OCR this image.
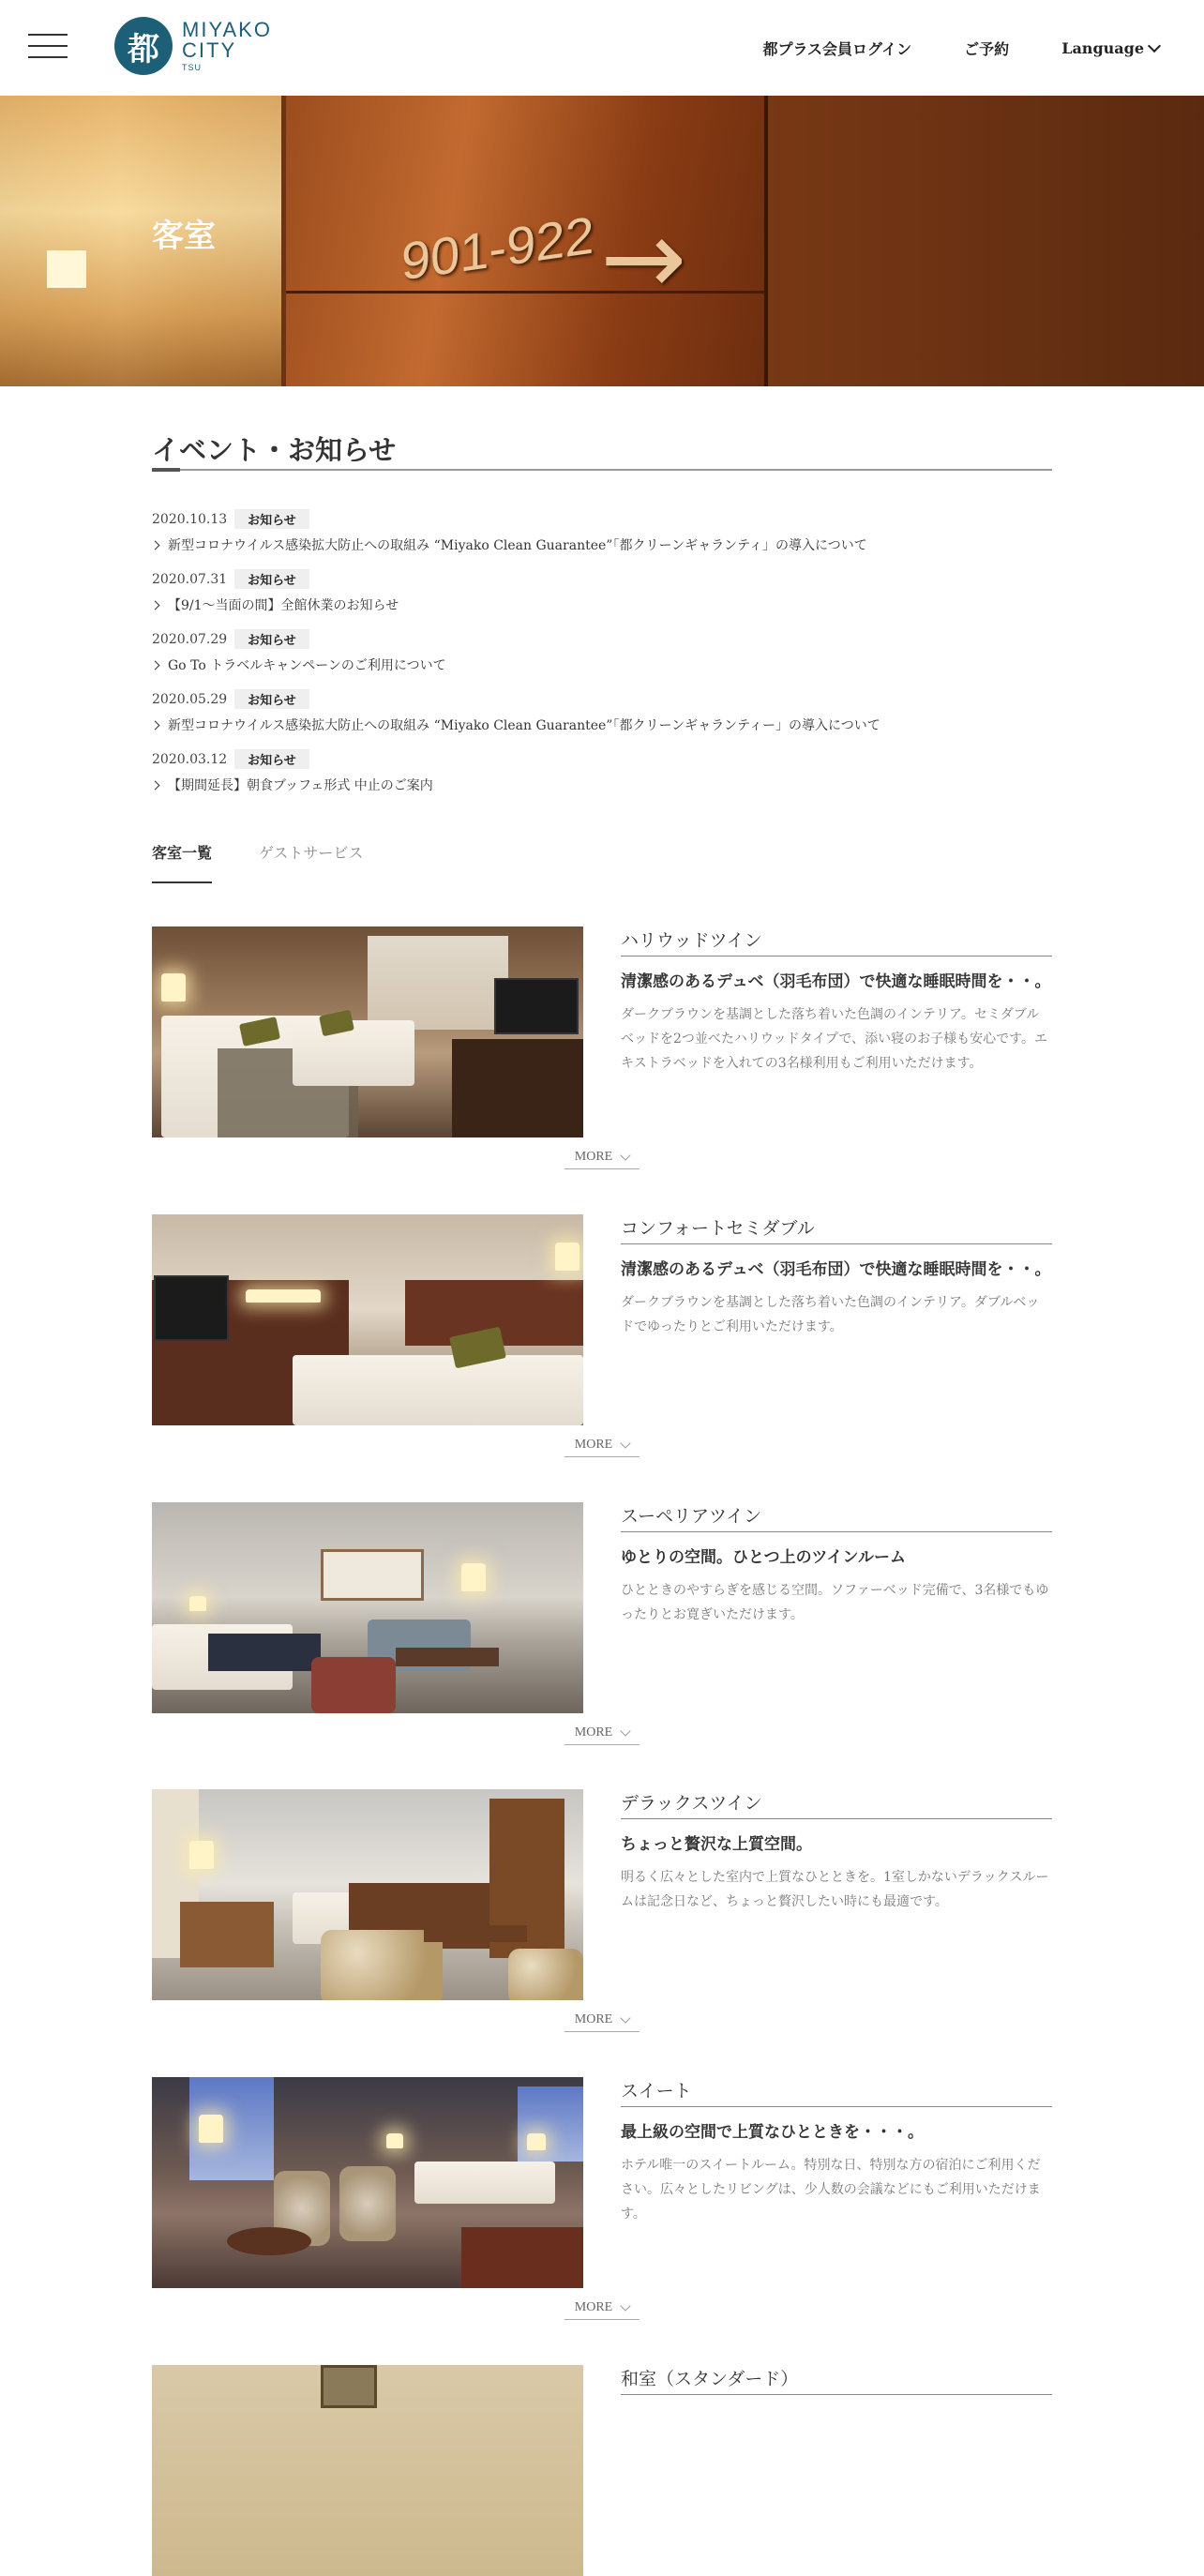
都
MIYAKO
CITY
TSU
都プラス会員ログイン	ご予約	Language
901-922 →
客室
イベント・お知らせ
2020.10.13	お知らせ
新型コロナウイルス感染拡大防止への取組み “Miyako Clean Guarantee”「都クリーンギャランティ」の導入について
2020.07.31	お知らせ
【9/1～当面の間】全館休業のお知らせ
2020.07.29	お知らせ
Go To トラベルキャンペーンのご利用について
2020.05.29	お知らせ
新型コロナウイルス感染拡大防止への取組み “Miyako Clean Guarantee”「都クリーンギャランティー」の導入について
2020.03.12	お知らせ
【期間延長】朝食ブッフェ形式 中止のご案内
客室一覧	ゲストサービス
ハリウッドツイン
清潔感のあるデュベ（羽毛布団）で快適な睡眠時間を・・。
ダークブラウンを基調とした落ち着いた色調のインテリア。セミダブルベッドを2つ並べたハリウッドタイプで、添い寝のお子様も安心です。エキストラベッドを入れての3名様利用もご利用いただけます。
MORE
コンフォートセミダブル
清潔感のあるデュベ（羽毛布団）で快適な睡眠時間を・・。
ダークブラウンを基調とした落ち着いた色調のインテリア。ダブルベッドでゆったりとご利用いただけます。
MORE
スーペリアツイン
ゆとりの空間。ひとつ上のツインルーム
ひとときのやすらぎを感じる空間。ソファーベッド完備で、3名様でもゆったりとお寛ぎいただけます。
MORE
デラックスツイン
ちょっと贅沢な上質空間。
明るく広々とした室内で上質なひとときを。1室しかないデラックスルームは記念日など、ちょっと贅沢したい時にも最適です。
MORE
スイート
最上級の空間で上質なひとときを・・・。
ホテル唯一のスイートルーム。特別な日、特別な方の宿泊にご利用ください。広々としたリビングは、少人数の会議などにもご利用いただけます。
MORE
和室（スタンダード）
